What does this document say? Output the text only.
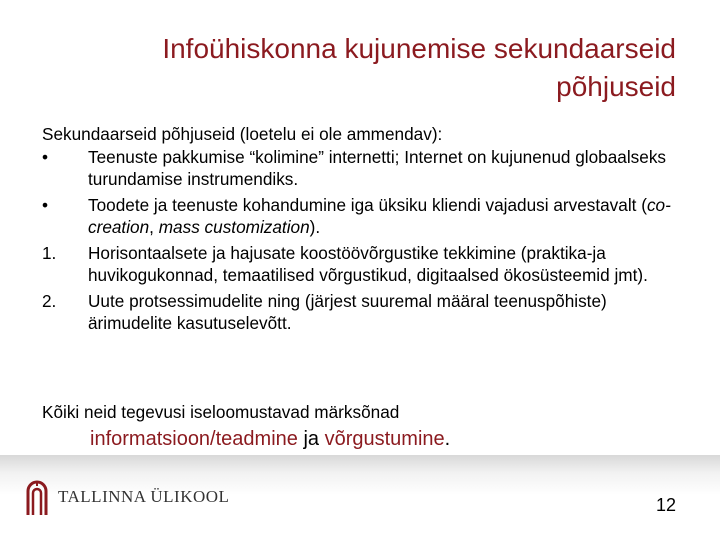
Infoühiskonna kujunemise sekundaarseid põhjuseid

Sekundaarseid põhjuseid (loetelu ei ole ammendav):

•	Teenuste pakkumise “kolimine” internetti; Internet on kujunenud globaalseks turundamise instrumendiks.
•	Toodete ja teenuste kohandumine iga üksiku kliendi vajadusi arvestavalt (co-creation, mass customization).
1.	Horisontaalsete ja hajusate koostöövõrgustike tekkimine (praktika-ja huvikogukonnad, temaatilised võrgustikud, digitaalsed ökosüsteemid jmt).
2.	Uute protsessimudelite ning (järjest suuremal määral teenuspõhiste) ärimudelite kasutuselevõtt.

Kõiki neid tegevusi iseloomustavad märksõnad

informatsioon/teadmine ja võrgustumine.
TALLINNA ÜLIKOOL	12
